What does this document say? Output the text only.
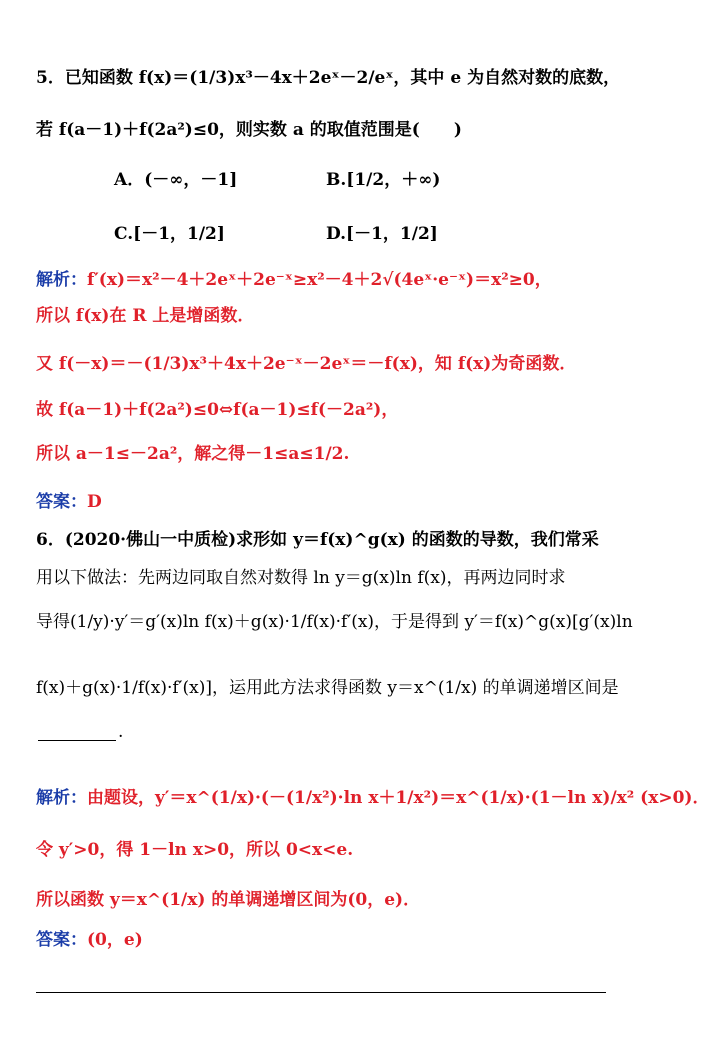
5．已知函数 f(x)＝(1/3)x³－4x＋2eˣ－2/eˣ，其中 e 为自然对数的底数，
若 f(a－1)＋f(2a²)≤0，则实数 a 的取值范围是(　　)
A．(－∞，－1]	B.[1/2，＋∞)
C.[－1，1/2]	D.[－1，1/2]
解析：f′(x)＝x²－4＋2eˣ＋2e⁻ˣ≥x²－4＋2√(4eˣ·e⁻ˣ)＝x²≥0，
所以 f(x)在 R 上是增函数．
又 f(－x)＝－(1/3)x³＋4x＋2e⁻ˣ－2eˣ＝－f(x)，知 f(x)为奇函数．
故 f(a－1)＋f(2a²)≤0⇔f(a－1)≤f(－2a²)，
所以 a－1≤－2a²，解之得－1≤a≤1/2.
答案：D
6．(2020·佛山一中质检)求形如 y＝f(x)^g(x) 的函数的导数，我们常采
用以下做法：先两边同取自然对数得 ln y＝g(x)ln f(x)，再两边同时求
导得(1/y)·y′＝g′(x)ln f(x)＋g(x)·1/f(x)·f′(x)，于是得到 y′＝f(x)^g(x)[g′(x)ln
f(x)＋g(x)·1/f(x)·f′(x)]，运用此方法求得函数 y＝x^(1/x) 的单调递增区间是
.
解析：由题设，y′＝x^(1/x)·(－(1/x²)·ln x＋1/x²)＝x^(1/x)·(1－ln x)/x² (x>0)．
令 y′>0，得 1－ln x>0，所以 0<x<e.
所以函数 y＝x^(1/x) 的单调递增区间为(0，e)．
答案：(0，e)
